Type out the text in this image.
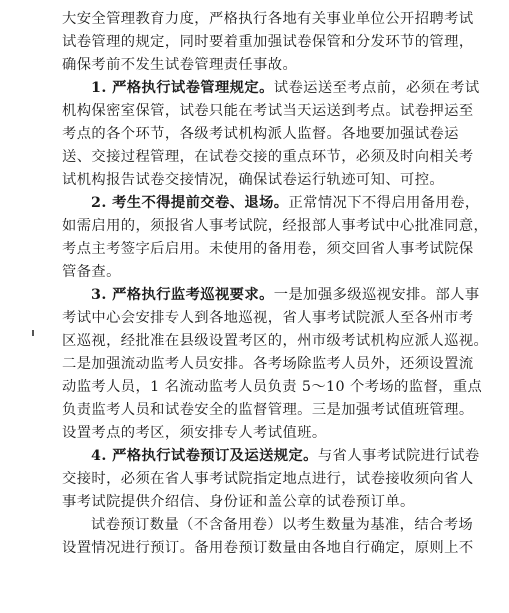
大安全管理教育力度，严格执行各地有关事业单位公开招聘考试
试卷管理的规定，同时要着重加强试卷保管和分发环节的管理，
确保考前不发生试卷管理责任事故。
1. 严格执行试卷管理规定。试卷运送至考点前，必须在考试
机构保密室保管，试卷只能在考试当天运送到考点。试卷押运至
考点的各个环节，各级考试机构派人监督。各地要加强试卷运
送、交接过程管理，在试卷交接的重点环节，必须及时向相关考
试机构报告试卷交接情况，确保试卷运行轨迹可知、可控。
2. 考生不得提前交卷、退场。正常情况下不得启用备用卷，
如需启用的，须报省人事考试院，经报部人事考试中心批准同意，
考点主考签字后启用。未使用的备用卷，须交回省人事考试院保
管备查。
3. 严格执行监考巡视要求。一是加强多级巡视安排。部人事
考试中心会安排专人到各地巡视，省人事考试院派人至各州市考
区巡视，经批准在县级设置考区的，州市级考试机构应派人巡视。
二是加强流动监考人员安排。各考场除监考人员外，还须设置流
动监考人员，1 名流动监考人员负责 5～10 个考场的监督，重点
负责监考人员和试卷安全的监督管理。三是加强考试值班管理。
设置考点的考区，须安排专人考试值班。
4. 严格执行试卷预订及运送规定。与省人事考试院进行试卷
交接时，必须在省人事考试院指定地点进行，试卷接收须向省人
事考试院提供介绍信、身份证和盖公章的试卷预订单。
试卷预订数量（不含备用卷）以考生数量为基准，结合考场
设置情况进行预订。备用卷预订数量由各地自行确定，原则上不
